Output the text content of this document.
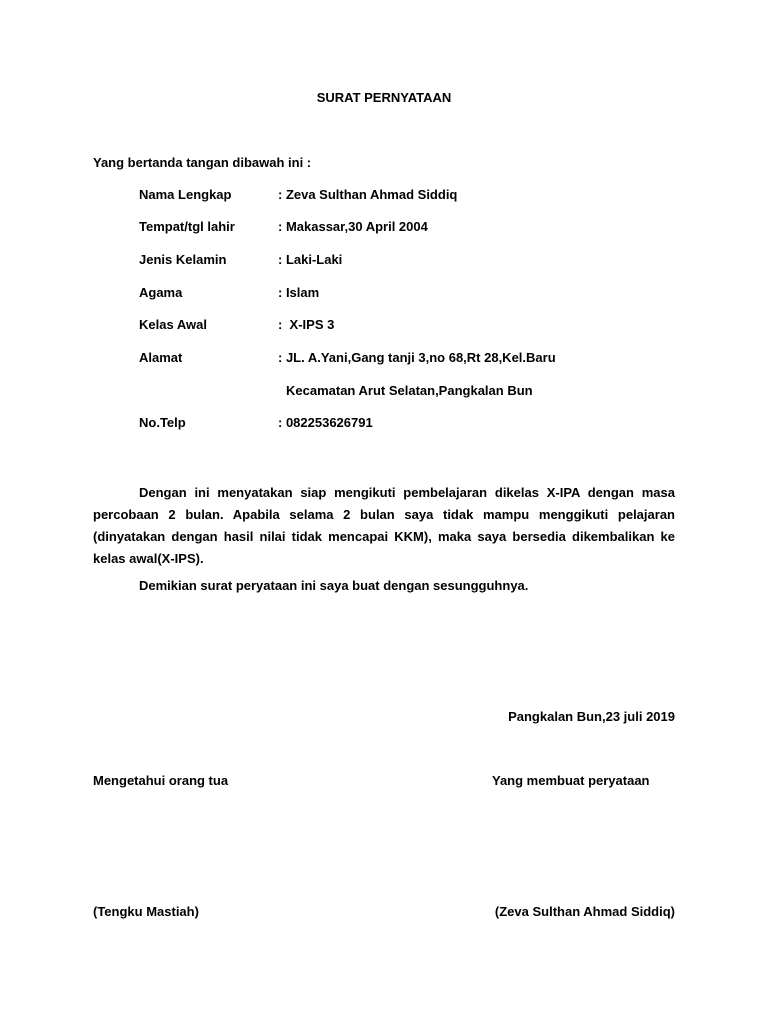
SURAT PERNYATAAN
Yang bertanda tangan dibawah ini :
Nama Lengkap	: Zeva Sulthan Ahmad Siddiq
Tempat/tgl lahir	: Makassar,30 April 2004
Jenis Kelamin	: Laki-Laki
Agama	: Islam
Kelas Awal	:  X-IPS 3
Alamat	: JL. A.Yani,Gang tanji 3,no 68,Rt 28,Kel.Baru
Kecamatan Arut Selatan,Pangkalan Bun
No.Telp	: 082253626791
Dengan ini menyatakan siap mengikuti pembelajaran dikelas X-IPA dengan masa percobaan 2 bulan. Apabila selama 2 bulan saya tidak mampu menggikuti pelajaran (dinyatakan dengan hasil nilai tidak mencapai KKM), maka saya bersedia dikembalikan ke kelas awal(X-IPS).
Demikian surat peryataan ini saya buat dengan sesungguhnya.
Pangkalan Bun,23 juli 2019
Mengetahui orang tua	Yang membuat peryataan
(Tengku Mastiah)	(Zeva Sulthan Ahmad Siddiq)
